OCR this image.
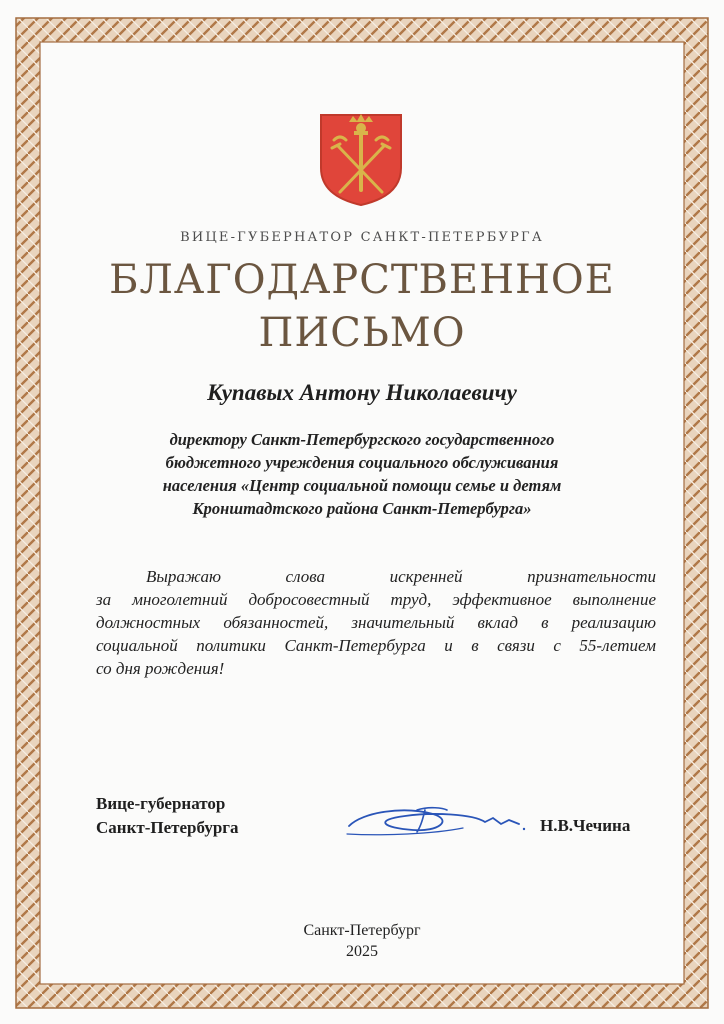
ВИЦЕ-ГУБЕРНАТОР САНКТ-ПЕТЕРБУРГА
БЛАГОДАРСТВЕННОЕ
ПИСЬМО
Купавых Антону Николаевичу
директору Санкт-Петербургского государственного
бюджетного учреждения социального обслуживания
населения «Центр социальной помощи семье и детям
Кронштадтского района Санкт-Петербурга»
Выражаю слова искренней признательности
за многолетний добросовестный труд, эффективное выполнение
должностных обязанностей, значительный вклад в реализацию
социальной политики Санкт-Петербурга и в связи с 55-летием
со дня рождения!
Вице-губернатор
Санкт-Петербурга	Н.В.Чечина
Санкт-Петербург
2025
